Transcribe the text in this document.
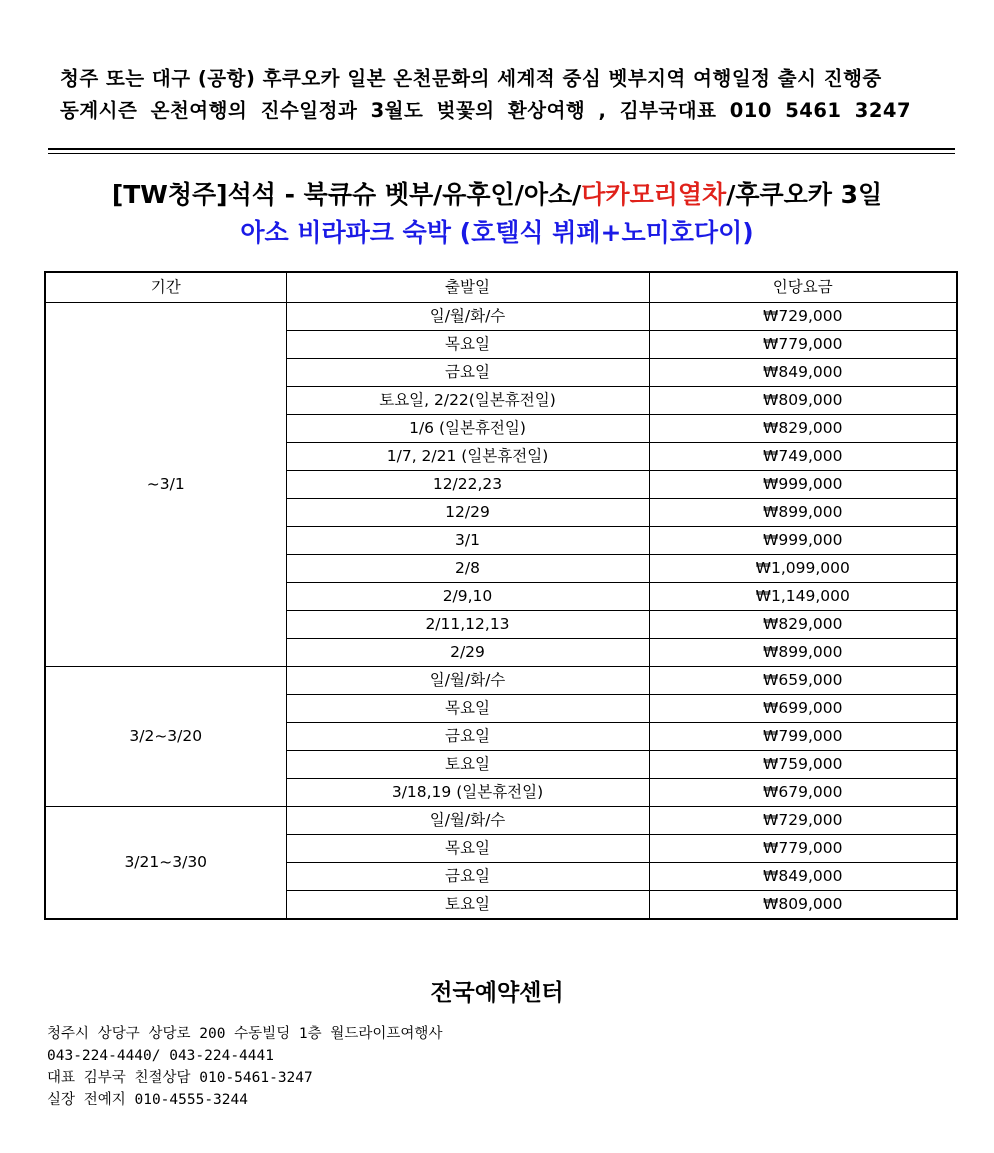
청주 또는 대구 (공항) 후쿠오카 일본 온천문화의 세계적 중심 벳부지역 여행일정 출시 진행중
동계시즌 온천여행의 진수일정과 3월도 벚꽃의 환상여행 , 김부국대표 010 5461 3247
[TW청주]석석 - 북큐슈 벳부/유후인/아소/다카모리열차/후쿠오카 3일
아소 비라파크 숙박 (호텔식 뷔페+노미호다이)
기간	출발일	인당요금
~3/1	일/월/화/수	₩729,000
	목요일	₩779,000
	금요일	₩849,000
	토요일, 2/22(일본휴전일)	₩809,000
	1/6 (일본휴전일)	₩829,000
	1/7, 2/21 (일본휴전일)	₩749,000
	12/22,23	₩999,000
	12/29	₩899,000
	3/1	₩999,000
	2/8	₩1,099,000
	2/9,10	₩1,149,000
	2/11,12,13	₩829,000
	2/29	₩899,000
3/2~3/20	일/월/화/수	₩659,000
	목요일	₩699,000
	금요일	₩799,000
	토요일	₩759,000
	3/18,19 (일본휴전일)	₩679,000
3/21~3/30	일/월/화/수	₩729,000
	목요일	₩779,000
	금요일	₩849,000
	토요일	₩809,000
전국예약센터
청주시 상당구 상당로 200 수동빌딩 1층 월드라이프여행사
043-224-4440/ 043-224-4441
대표 김부국 친절상담 010-5461-3247
실장 전예지 010-4555-3244
